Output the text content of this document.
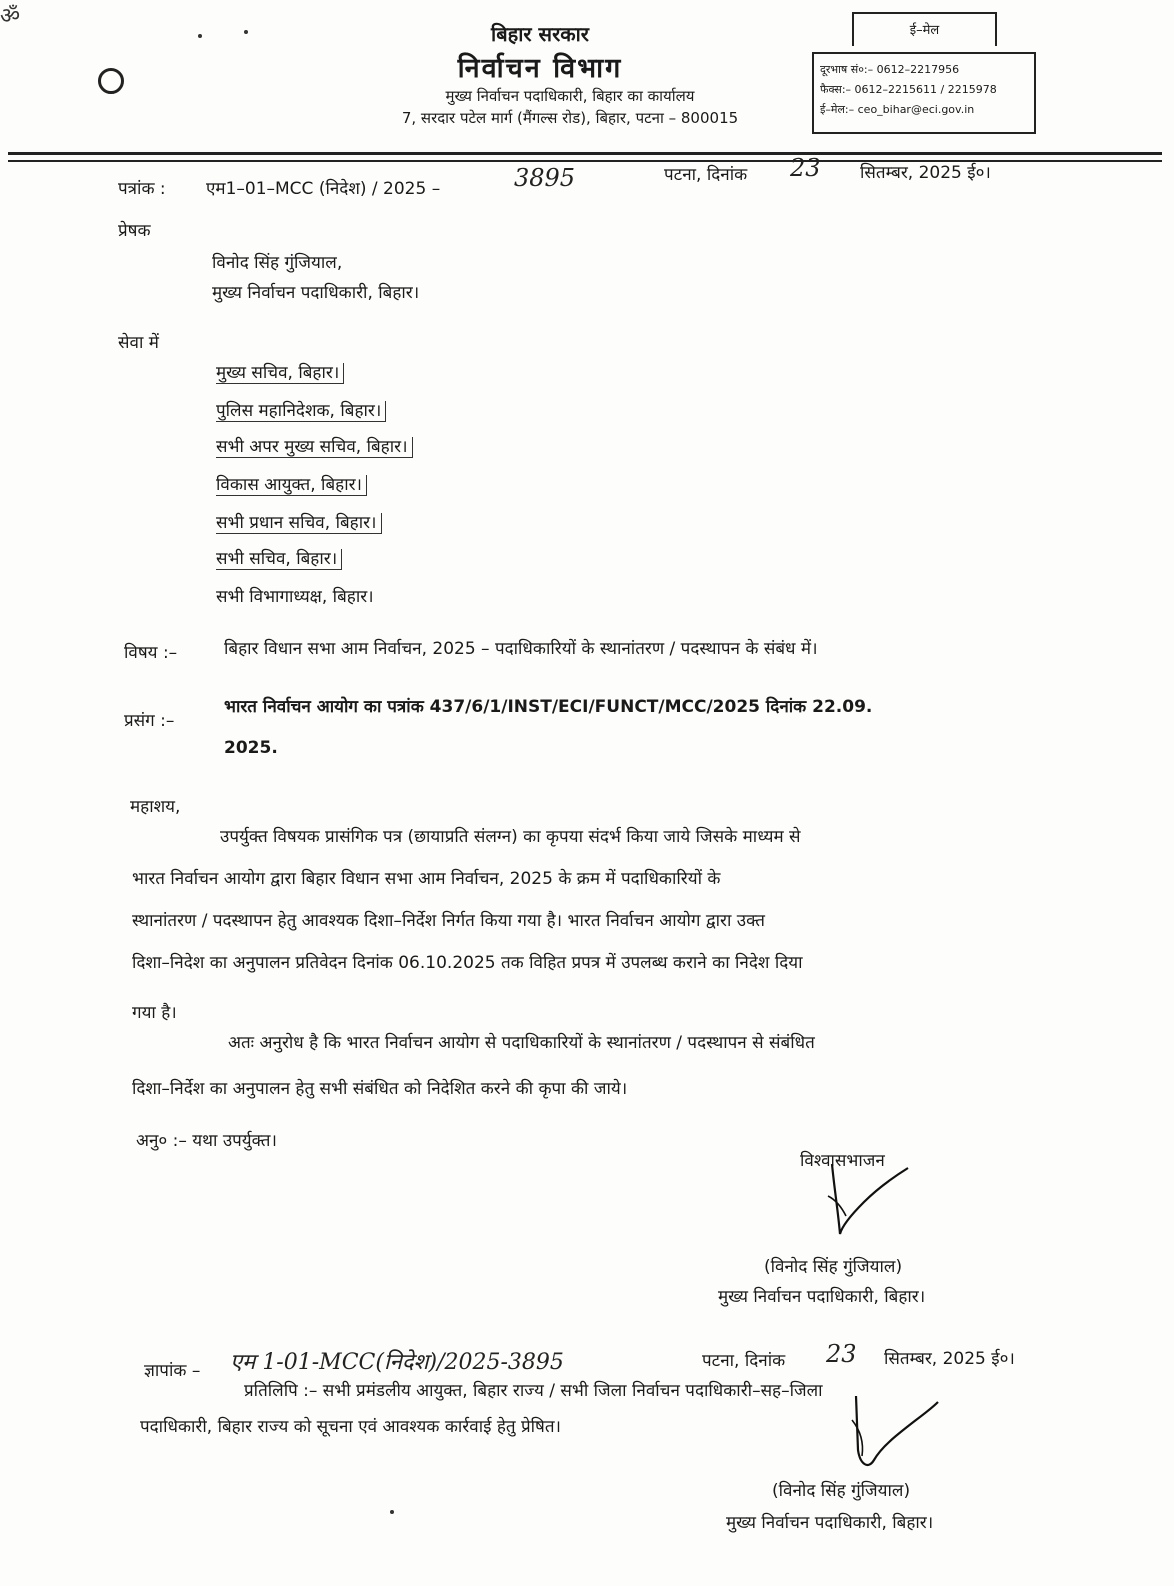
ॐ
बिहार सरकार
निर्वाचन विभाग
मुख्य निर्वाचन पदाधिकारी, बिहार का कार्यालय
7, सरदार पटेल मार्ग (मैंगल्स रोड), बिहार, पटना – 800015
ई–मेल
दूरभाष सं०:– 0612–2217956
फैक्स:– 0612–2215611 / 2215978
ई–मेल:– ceo_bihar@eci.gov.in
पत्रांक : एम1–01–MCC (निदेश) / 2025 –	3895	पटना, दिनांक 23 सितम्बर, 2025 ई०।
प्रेषक
विनोद सिंह गुंजियाल,
मुख्य निर्वाचन पदाधिकारी, बिहार।
सेवा में
मुख्य सचिव, बिहार।
पुलिस महानिदेशक, बिहार।
सभी अपर मुख्य सचिव, बिहार।
विकास आयुक्त, बिहार।
सभी प्रधान सचिव, बिहार।
सभी सचिव, बिहार।
सभी विभागाध्यक्ष, बिहार।
विषय :–	बिहार विधान सभा आम निर्वाचन, 2025 – पदाधिकारियों के स्थानांतरण / पदस्थापन के संबंध में।
प्रसंग :–
भारत निर्वाचन आयोग का पत्रांक 437/6/1/INST/ECI/FUNCT/MCC/2025 दिनांक 22.09.
2025.
महाशय,
उपर्युक्त विषयक प्रासंगिक पत्र (छायाप्रति संलग्न) का कृपया संदर्भ किया जाये जिसके माध्यम से
भारत निर्वाचन आयोग द्वारा बिहार विधान सभा आम निर्वाचन, 2025 के क्रम में पदाधिकारियों के
स्थानांतरण / पदस्थापन हेतु आवश्यक दिशा–निर्देश निर्गत किया गया है। भारत निर्वाचन आयोग द्वारा उक्त
दिशा–निदेश का अनुपालन प्रतिवेदन दिनांक 06.10.2025 तक विहित प्रपत्र में उपलब्ध कराने का निदेश दिया
गया है।
अतः अनुरोध है कि भारत निर्वाचन आयोग से पदाधिकारियों के स्थानांतरण / पदस्थापन से संबंधित
दिशा–निर्देश का अनुपालन हेतु सभी संबंधित को निदेशित करने की कृपा की जाये।
अनु० :– यथा उपर्युक्त।
विश्वासभाजन
(विनोद सिंह गुंजियाल)
मुख्य निर्वाचन पदाधिकारी, बिहार।
ज्ञापांक – एम 1-01-MCC(निदेश)/2025-3895	पटना, दिनांक 23 सितम्बर, 2025 ई०।
प्रतिलिपि :– सभी प्रमंडलीय आयुक्त, बिहार राज्य / सभी जिला निर्वाचन पदाधिकारी–सह–जिला
पदाधिकारी, बिहार राज्य को सूचना एवं आवश्यक कार्रवाई हेतु प्रेषित।
(विनोद सिंह गुंजियाल)
मुख्य निर्वाचन पदाधिकारी, बिहार।
